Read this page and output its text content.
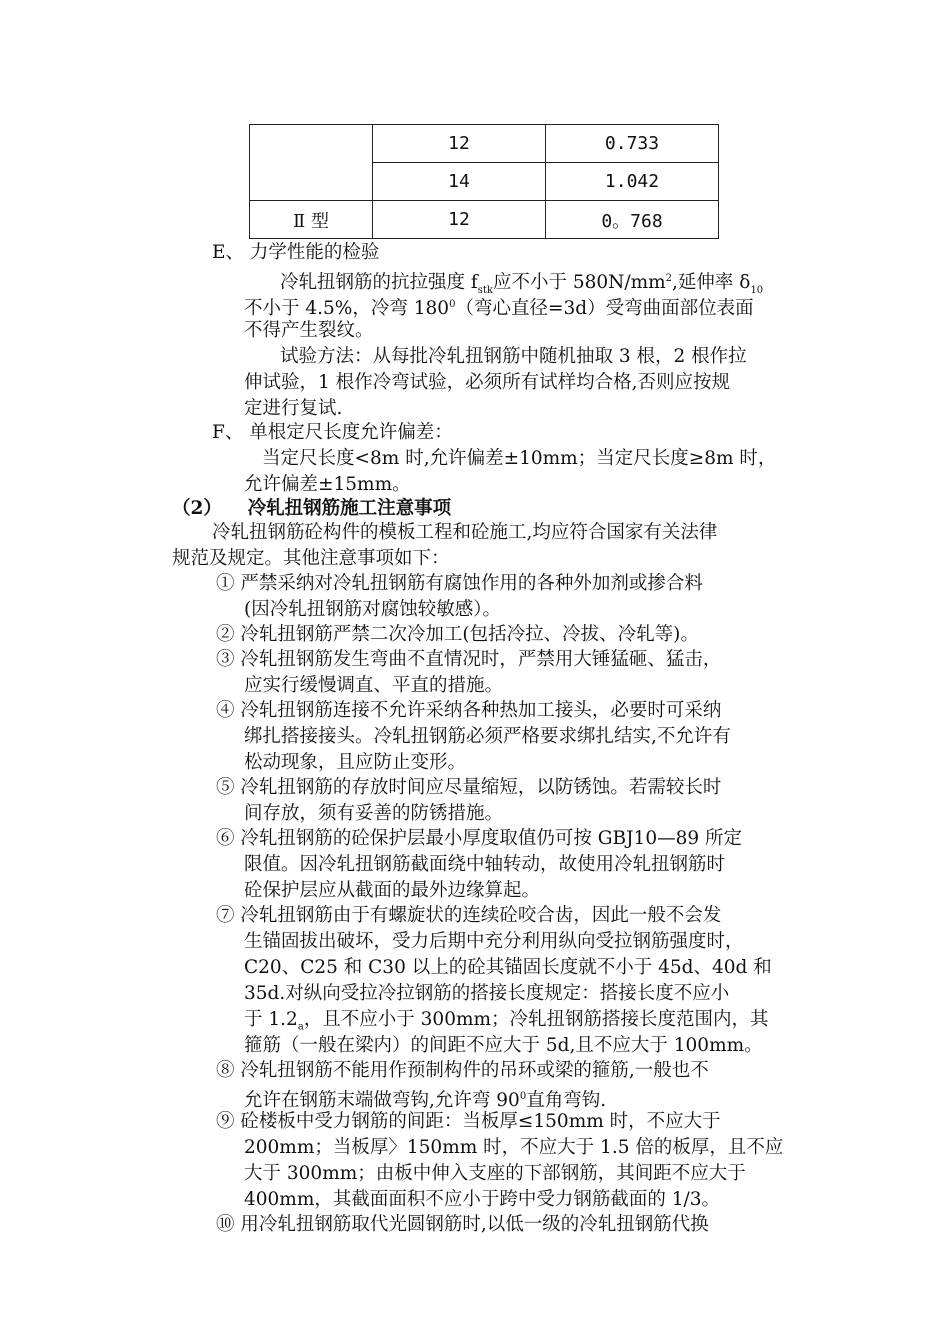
	12	0.733
	14	1.042
Ⅱ 型	12	0。768
E、 力学性能的检验
冷轧扭钢筋的抗拉强度 $f_{stk}$应不小于 $580N/mm^2$,延伸率 $\delta_{10}$
不小于 4.5%，冷弯 $180^0$（弯心直径=3d）受弯曲面部位表面
不得产生裂纹。
试验方法：从每批冷轧扭钢筋中随机抽取 3 根，2 根作拉
伸试验，1 根作冷弯试验，必须所有试样均合格,否则应按规
定进行复试.
F、 单根定尺长度允许偏差：
当定尺长度<8m 时,允许偏差±10mm；当定尺长度≥8m 时，
允许偏差±15mm。
（2）    冷轧扭钢筋施工注意事项
冷轧扭钢筋砼构件的模板工程和砼施工,均应符合国家有关法律
规范及规定。其他注意事项如下：
① 严禁采纳对冷轧扭钢筋有腐蚀作用的各种外加剂或掺合料
(因冷轧扭钢筋对腐蚀较敏感）。
② 冷轧扭钢筋严禁二次冷加工(包括冷拉、冷拔、冷轧等)。
③ 冷轧扭钢筋发生弯曲不直情况时，严禁用大锤猛砸、猛击，
应实行缓慢调直、平直的措施。
④ 冷轧扭钢筋连接不允许采纳各种热加工接头，必要时可采纳
绑扎搭接接头。冷轧扭钢筋必须严格要求绑扎结实,不允许有
松动现象，且应防止变形。
⑤ 冷轧扭钢筋的存放时间应尽量缩短，以防锈蚀。若需较长时
间存放，须有妥善的防锈措施。
⑥ 冷轧扭钢筋的砼保护层最小厚度取值仍可按 GBJ10—89 所定
限值。因冷轧扭钢筋截面绕中轴转动，故使用冷轧扭钢筋时
砼保护层应从截面的最外边缘算起。
⑦ 冷轧扭钢筋由于有螺旋状的连续砼咬合齿，因此一般不会发
生锚固拔出破坏，受力后期中充分利用纵向受拉钢筋强度时，
C20、C25 和 C30 以上的砼其锚固长度就不小于 45d、40d 和
35d.对纵向受拉冷拉钢筋的搭接长度规定：搭接长度不应小
于 $1.2_a$，且不应小于 300mm；冷轧扭钢筋搭接长度范围内，其
箍筋（一般在梁内）的间距不应大于 5d,且不应大于 100mm。
⑧ 冷轧扭钢筋不能用作预制构件的吊环或梁的箍筋,一般也不
允许在钢筋末端做弯钩,允许弯 $90^0$直角弯钩.
⑨ 砼楼板中受力钢筋的间距：当板厚≤150mm 时，不应大于
200mm；当板厚〉150mm 时，不应大于 1.5 倍的板厚，且不应
大于 300mm；由板中伸入支座的下部钢筋，其间距不应大于
400mm，其截面面积不应小于跨中受力钢筋截面的 1/3。
⑩ 用冷轧扭钢筋取代光圆钢筋时,以低一级的冷轧扭钢筋代换
